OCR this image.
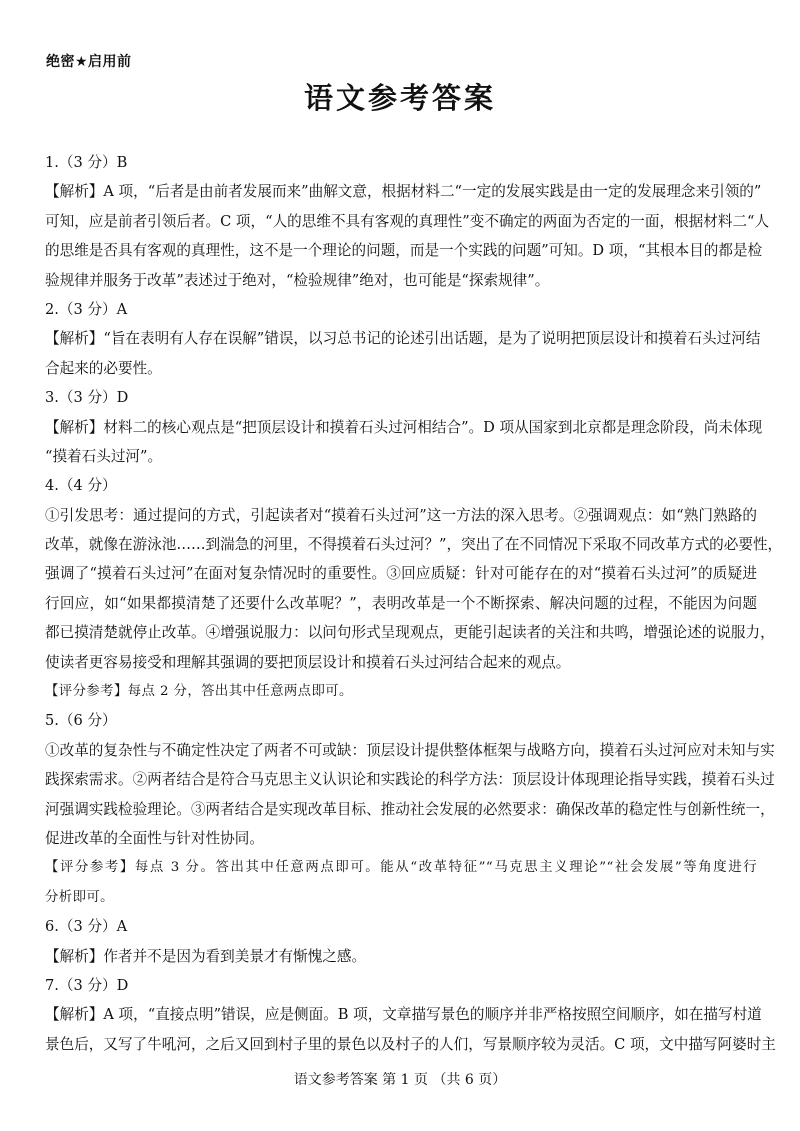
绝密★启用前
语文参考答案
1.（3 分）B
【解析】A 项，“后者是由前者发展而来”曲解文意，根据材料二“一定的发展实践是由一定的发展理念来引领的”
可知，应是前者引领后者。C 项，“人的思维不具有客观的真理性”变不确定的两面为否定的一面，根据材料二“人
的思维是否具有客观的真理性，这不是一个理论的问题，而是一个实践的问题”可知。D 项，“其根本目的都是检
验规律并服务于改革”表述过于绝对，“检验规律”绝对，也可能是“探索规律”。
2.（3 分）A
【解析】“旨在表明有人存在误解”错误，以习总书记的论述引出话题，是为了说明把顶层设计和摸着石头过河结
合起来的必要性。
3.（3 分）D
【解析】材料二的核心观点是“把顶层设计和摸着石头过河相结合”。D 项从国家到北京都是理念阶段，尚未体现
“摸着石头过河”。
4.（4 分）
①引发思考：通过提问的方式，引起读者对“摸着石头过河”这一方法的深入思考。②强调观点：如“熟门熟路的
改革，就像在游泳池……到湍急的河里，不得摸着石头过河？”，突出了在不同情况下采取不同改革方式的必要性，
强调了“摸着石头过河”在面对复杂情况时的重要性。③回应质疑：针对可能存在的对“摸着石头过河”的质疑进
行回应，如“如果都摸清楚了还要什么改革呢？”，表明改革是一个不断探索、解决问题的过程，不能因为问题
都已摸清楚就停止改革。④增强说服力：以问句形式呈现观点，更能引起读者的关注和共鸣，增强论述的说服力，
使读者更容易接受和理解其强调的要把顶层设计和摸着石头过河结合起来的观点。
【评分参考】每点 2 分，答出其中任意两点即可。
5.（6 分）
①改革的复杂性与不确定性决定了两者不可或缺：顶层设计提供整体框架与战略方向，摸着石头过河应对未知与实
践探索需求。②两者结合是符合马克思主义认识论和实践论的科学方法：顶层设计体现理论指导实践，摸着石头过
河强调实践检验理论。③两者结合是实现改革目标、推动社会发展的必然要求：确保改革的稳定性与创新性统一，
促进改革的全面性与针对性协同。
【评分参考】每点 3 分。答出其中任意两点即可。能从“改革特征”“马克思主义理论”“社会发展”等角度进行
分析即可。
6.（3 分）A
【解析】作者并不是因为看到美景才有惭愧之感。
7.（3 分）D
【解析】A 项，“直接点明”错误，应是侧面。B 项，文章描写景色的顺序并非严格按照空间顺序，如在描写村道
景色后，又写了牛吼河，之后又回到村子里的景色以及村子的人们，写景顺序较为灵活。C 项，文中描写阿婆时主
语文参考答案 第 1 页 （共 6 页）
